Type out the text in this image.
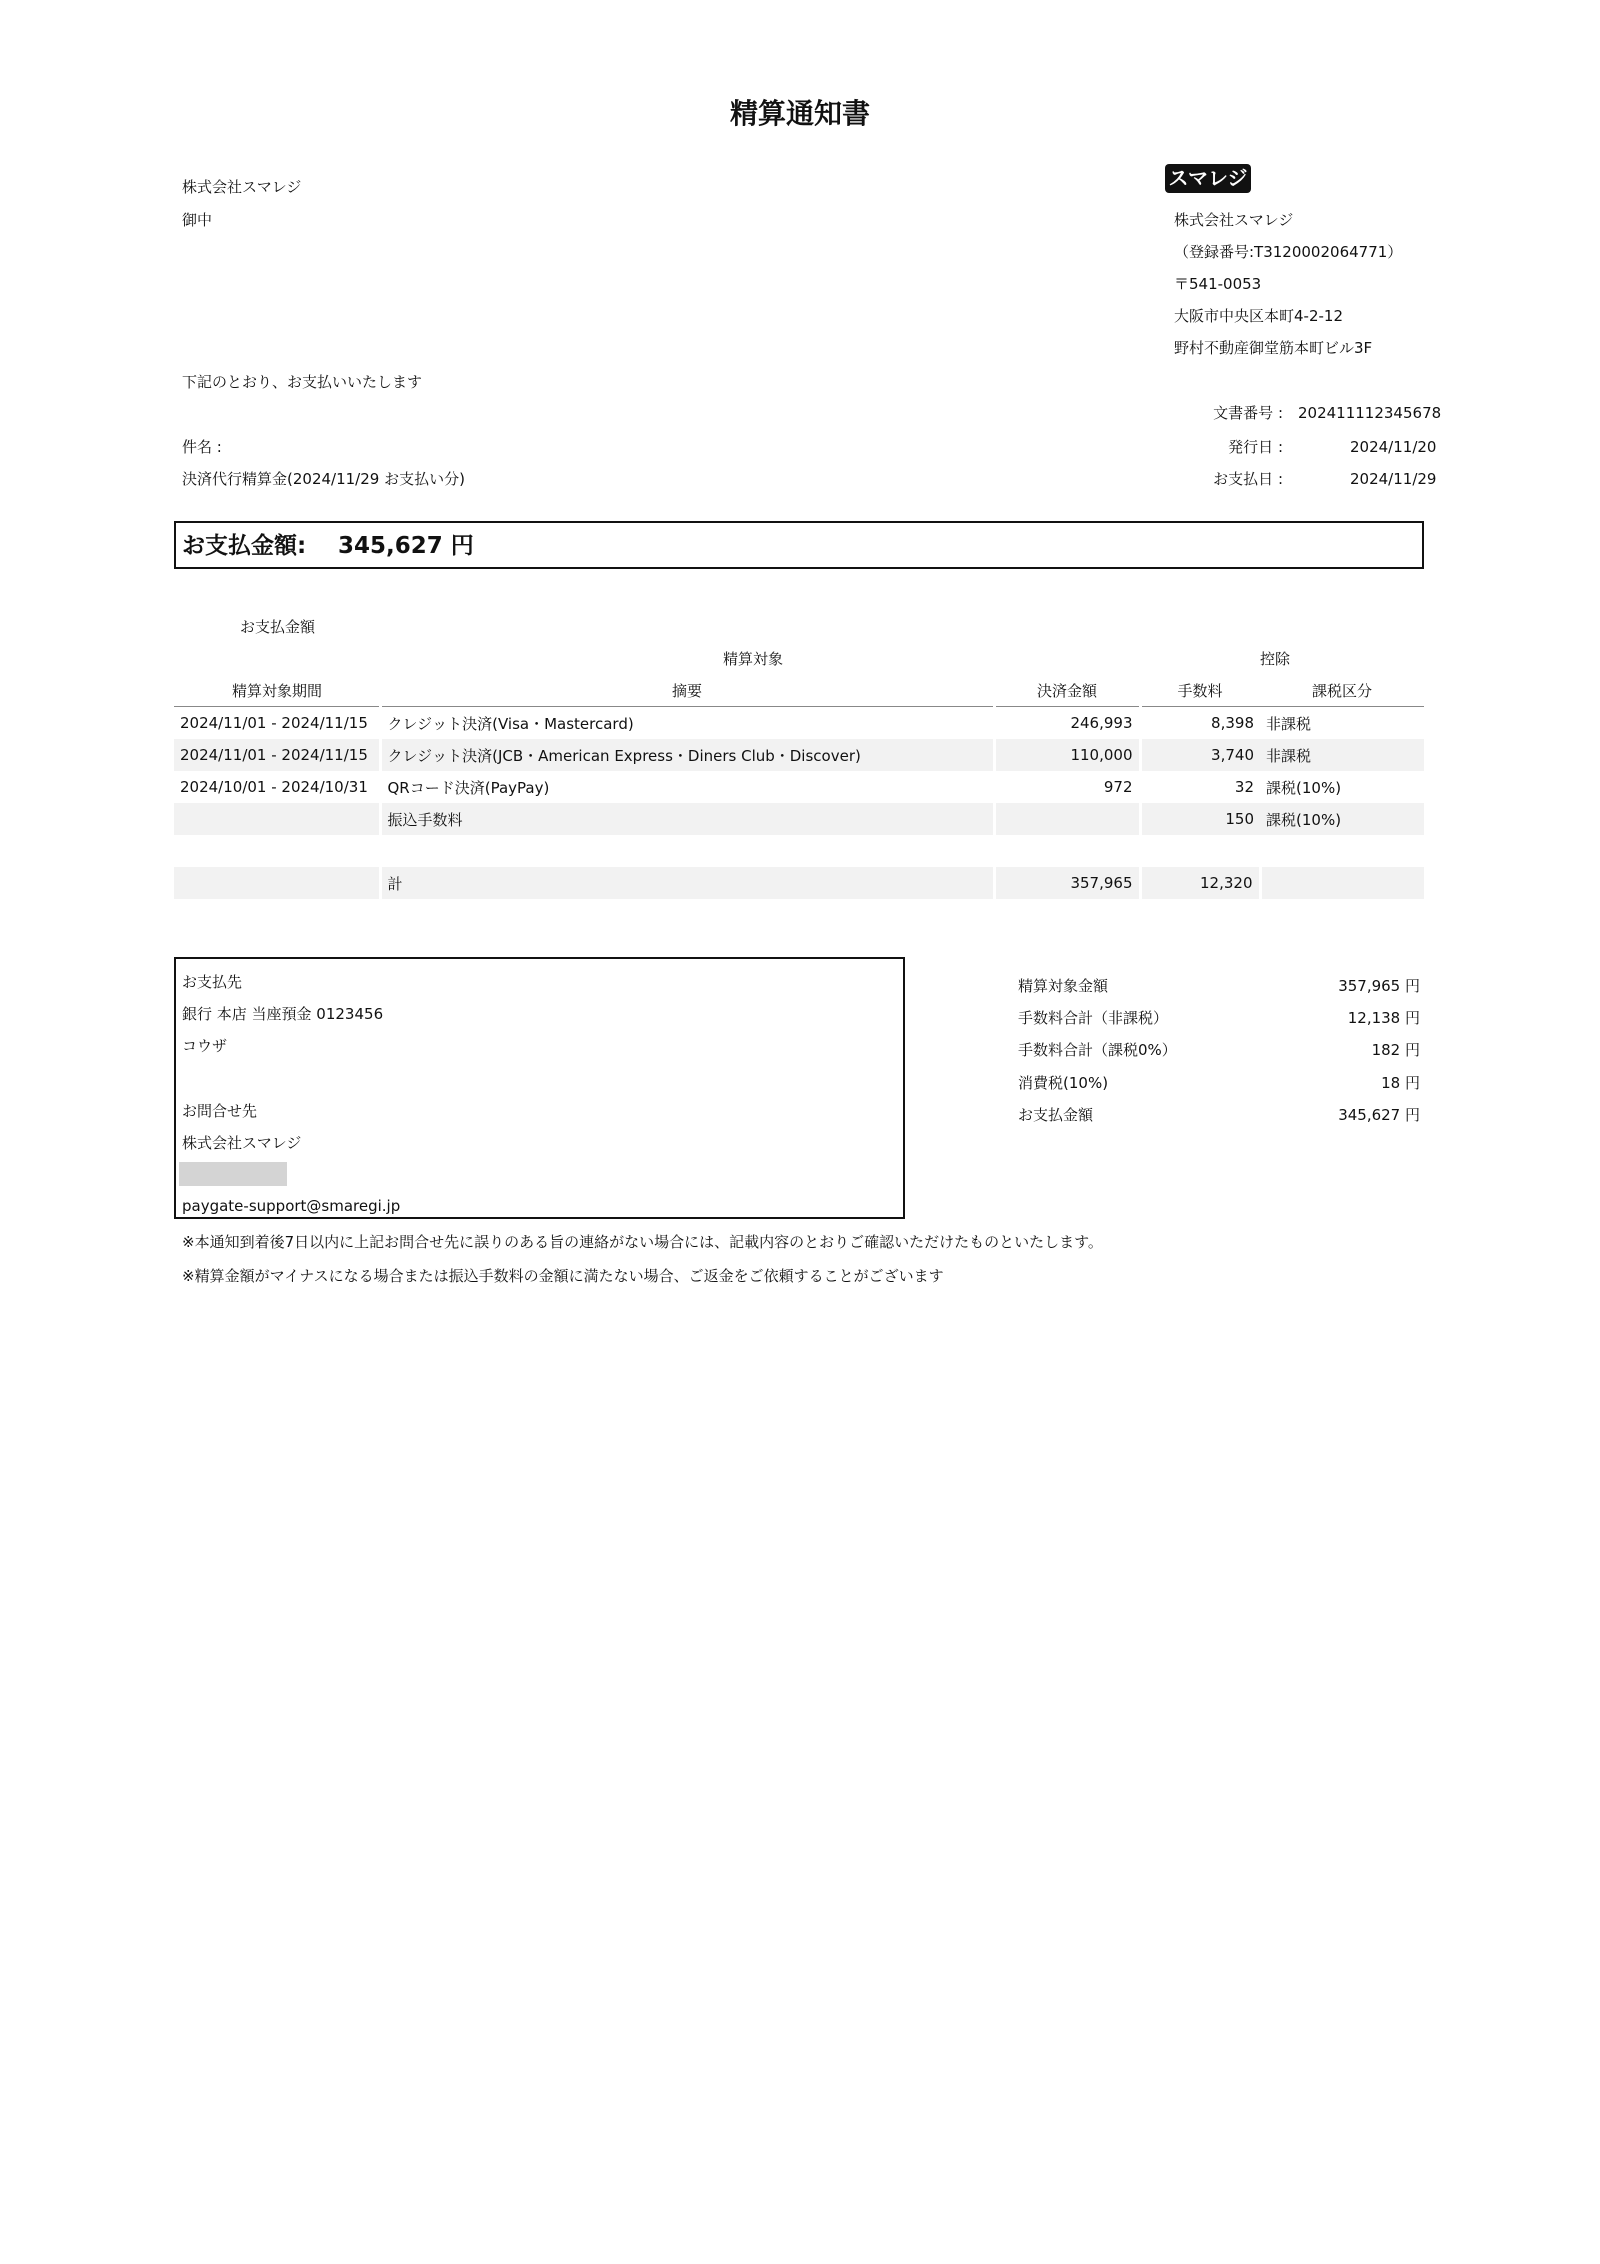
精算通知書
株式会社スマレジ
御中
スマレジ
株式会社スマレジ
（登録番号:T3120002064771）
〒541-0053
大阪市中央区本町4-2-12
野村不動産御堂筋本町ビル3F
下記のとおり、お支払いいたします
件名 :
決済代行精算金(2024/11/29 お支払い分)
文書番号 : 202411112345678
発行日 :	2024/11/20
お支払日 :	2024/11/29
お支払金額: 345,627 円
お支払金額
	精算対象			控除
精算対象期間	摘要	決済金額	手数料	課税区分
2024/11/01 - 2024/11/15	クレジット決済(Visa・Mastercard)	246,993	8,398	非課税
2024/11/01 - 2024/11/15	クレジット決済(JCB・American Express・Diners Club・Discover)	110,000	3,740	非課税
2024/10/01 - 2024/10/31	QRコード決済(PayPay)	972	32	課税(10%)
	振込手数料		150	課税(10%)

	計	357,965	12,320	
お支払先
銀行 本店 当座預金 0123456
コウザ
お問合せ先
株式会社スマレジ
paygate-support@smaregi.jp
精算対象金額	357,965 円
手数料合計（非課税）	12,138 円
手数料合計（課税0%）	182 円
消費税(10%)	18 円
お支払金額	345,627 円
※本通知到着後7日以内に上記お問合せ先に誤りのある旨の連絡がない場合には、記載内容のとおりご確認いただけたものといたします。
※精算金額がマイナスになる場合または振込手数料の金額に満たない場合、ご返金をご依頼することがございます
